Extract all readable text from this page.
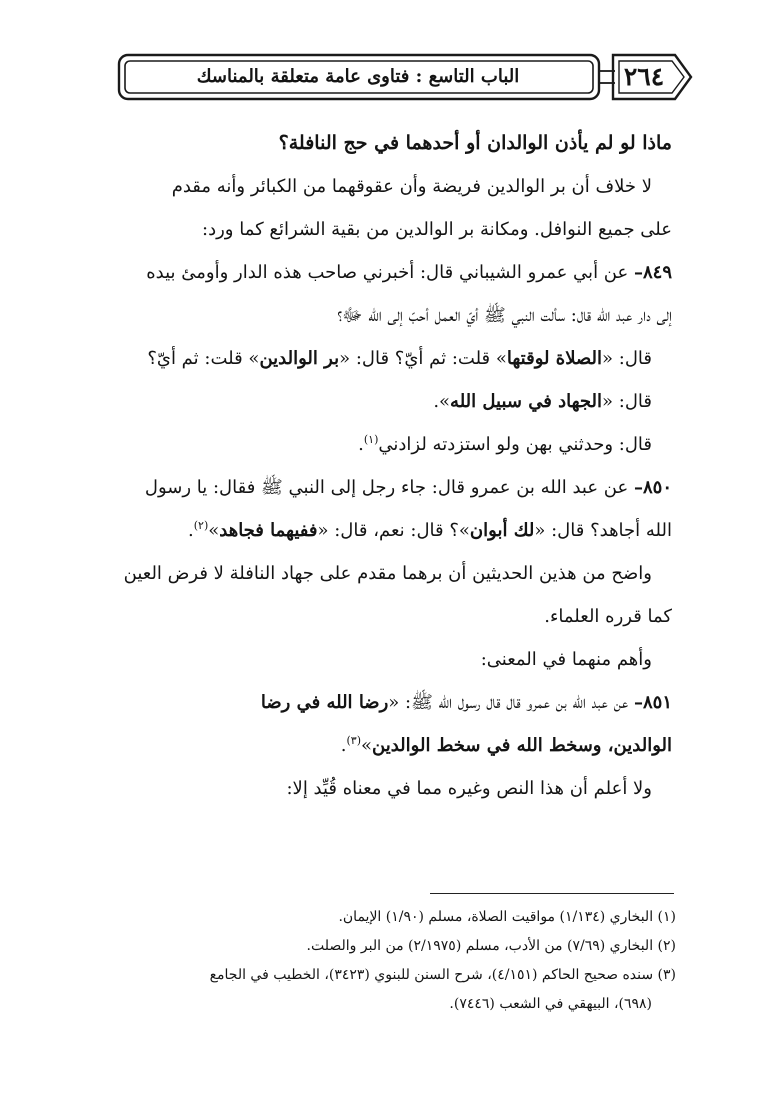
الباب التاسع : فتاوى عامة متعلقة بالمناسك	٢٦٤

ماذا لو لم يأذن الوالدان أو أحدهما في حج النافلة؟

لا خلاف أن بر الوالدين فريضة وأن عقوقهما من الكبائر وأنه مقدم

على جميع النوافل. ومكانة بر الوالدين من بقية الشرائع كما ورد:

٨٤٩– عن أبي عمرو الشيباني قال: أخبرني صاحب هذه الدار وأومئ بيده

إلى دار عبد الله قال: سألت النبي ﷺ أيّ العمل أحبّ إلى الله ﷻ؟

قال: «الصلاة لوقتها» قلت: ثم أيّ؟ قال: «بر الوالدين» قلت: ثم أيّ؟

قال: «الجهاد في سبيل الله».

قال: وحدثني بهن ولو استزدته لزادني$^{(١)}$.

٨٥٠– عن عبد الله بن عمرو قال: جاء رجل إلى النبي ﷺ فقال: يا رسول

الله أجاهد؟ قال: «لك أبوان»؟ قال: نعم، قال: «ففيهما فجاهد»$^{(٢)}$.

واضح من هذين الحديثين أن برهما مقدم على جهاد النافلة لا فرض العين

كما قرره العلماء.

وأهم منهما في المعنى:

٨٥١– عن عبد الله بن عمرو قال قال رسول الله ﷺ: «رضا الله في رضا

الوالدين، وسخط الله في سخط الوالدين»$^{(٣)}$.

ولا أعلم أن هذا النص وغيره مما في معناه قُيِّد إلا:

(١) البخاري (١/١٣٤) مواقيت الصلاة، مسلم (١/٩٠) الإيمان.

(٢) البخاري (٧/٦٩) من الأدب، مسلم (٢/١٩٧٥) من البر والصلت.

(٣) سنده صحيح الحاكم (٤/١٥١)، شرح السنن للبنوي (٣٤٢٣)، الخطيب في الجامع

(٦٩٨)، البيهقي في الشعب (٧٤٤٦).
